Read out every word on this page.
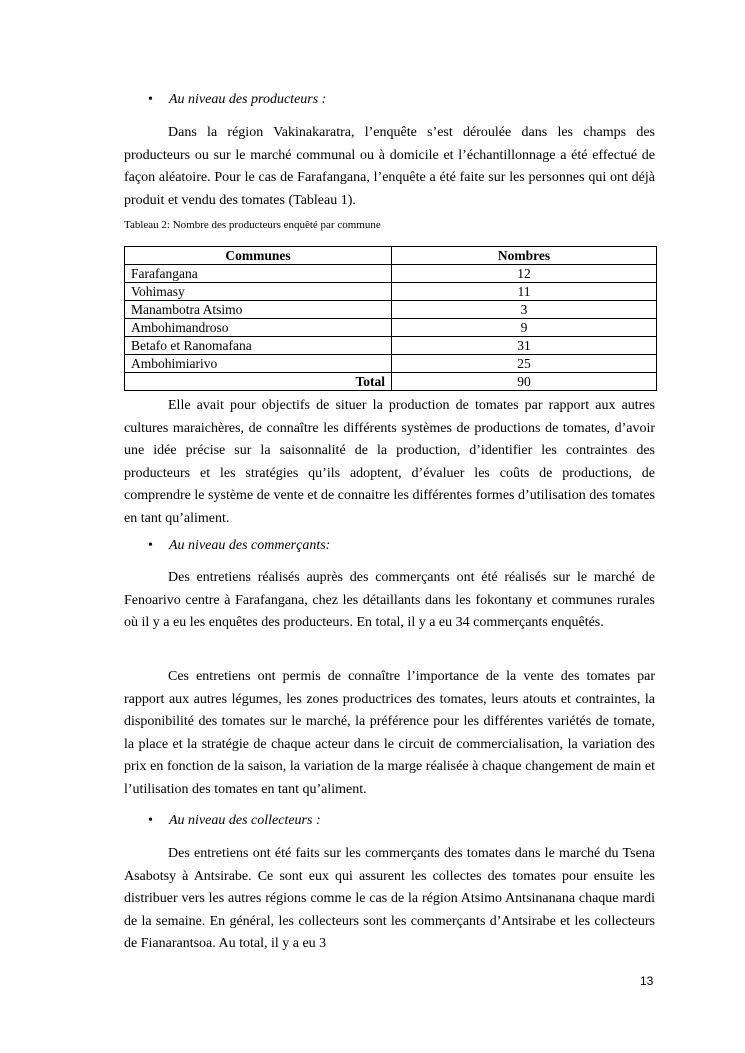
• Au niveau des producteurs :

Dans la région Vakinakaratra, l’enquête s’est déroulée dans les champs des producteurs ou sur le marché communal ou à domicile et l’échantillonnage a été effectué de façon aléatoire. Pour le cas de Farafangana, l’enquête a été faite sur les personnes qui ont déjà produit et vendu des tomates (Tableau 1).

Tableau 2: Nombre des producteurs enquêté par commune
Communes	Nombres
Farafangana	12
Vohimasy	11
Manambotra Atsimo	3
Ambohimandroso	9
Betafo et Ranomafana	31
Ambohimiarivo	25
Total	90

Elle avait pour objectifs de situer la production de tomates par rapport aux autres cultures maraichères, de connaître les différents systèmes de productions de tomates, d’avoir une idée précise sur la saisonnalité de la production, d’identifier les contraintes des producteurs et les stratégies qu’ils adoptent, d’évaluer les coûts de productions, de comprendre le système de vente et de connaitre les différentes formes d’utilisation des tomates en tant qu’aliment.

• Au niveau des commerçants:

Des entretiens réalisés auprès des commerçants ont été réalisés sur le marché de Fenoarivo centre à Farafangana, chez les détaillants dans les fokontany et communes rurales où il y a eu les enquêtes des producteurs. En total, il y a eu 34 commerçants enquêtés.

Ces entretiens ont permis de connaître l’importance de la vente des tomates par rapport aux autres légumes, les zones productrices des tomates, leurs atouts et contraintes, la disponibilité des tomates sur le marché, la préférence pour les différentes variétés de tomate, la place et la stratégie de chaque acteur dans le circuit de commercialisation, la variation des prix en fonction de la saison, la variation de la marge réalisée à chaque changement de main et l’utilisation des tomates en tant qu’aliment.

• Au niveau des collecteurs :

Des entretiens ont été faits sur les commerçants des tomates dans le marché du Tsena Asabotsy à Antsirabe. Ce sont eux qui assurent les collectes des tomates pour ensuite les distribuer vers les autres régions comme le cas de la région Atsimo Antsinanana chaque mardi de la semaine. En général, les collecteurs sont les commerçants d’Antsirabe et les collecteurs de Fianarantsoa. Au total, il y a eu 3

13
